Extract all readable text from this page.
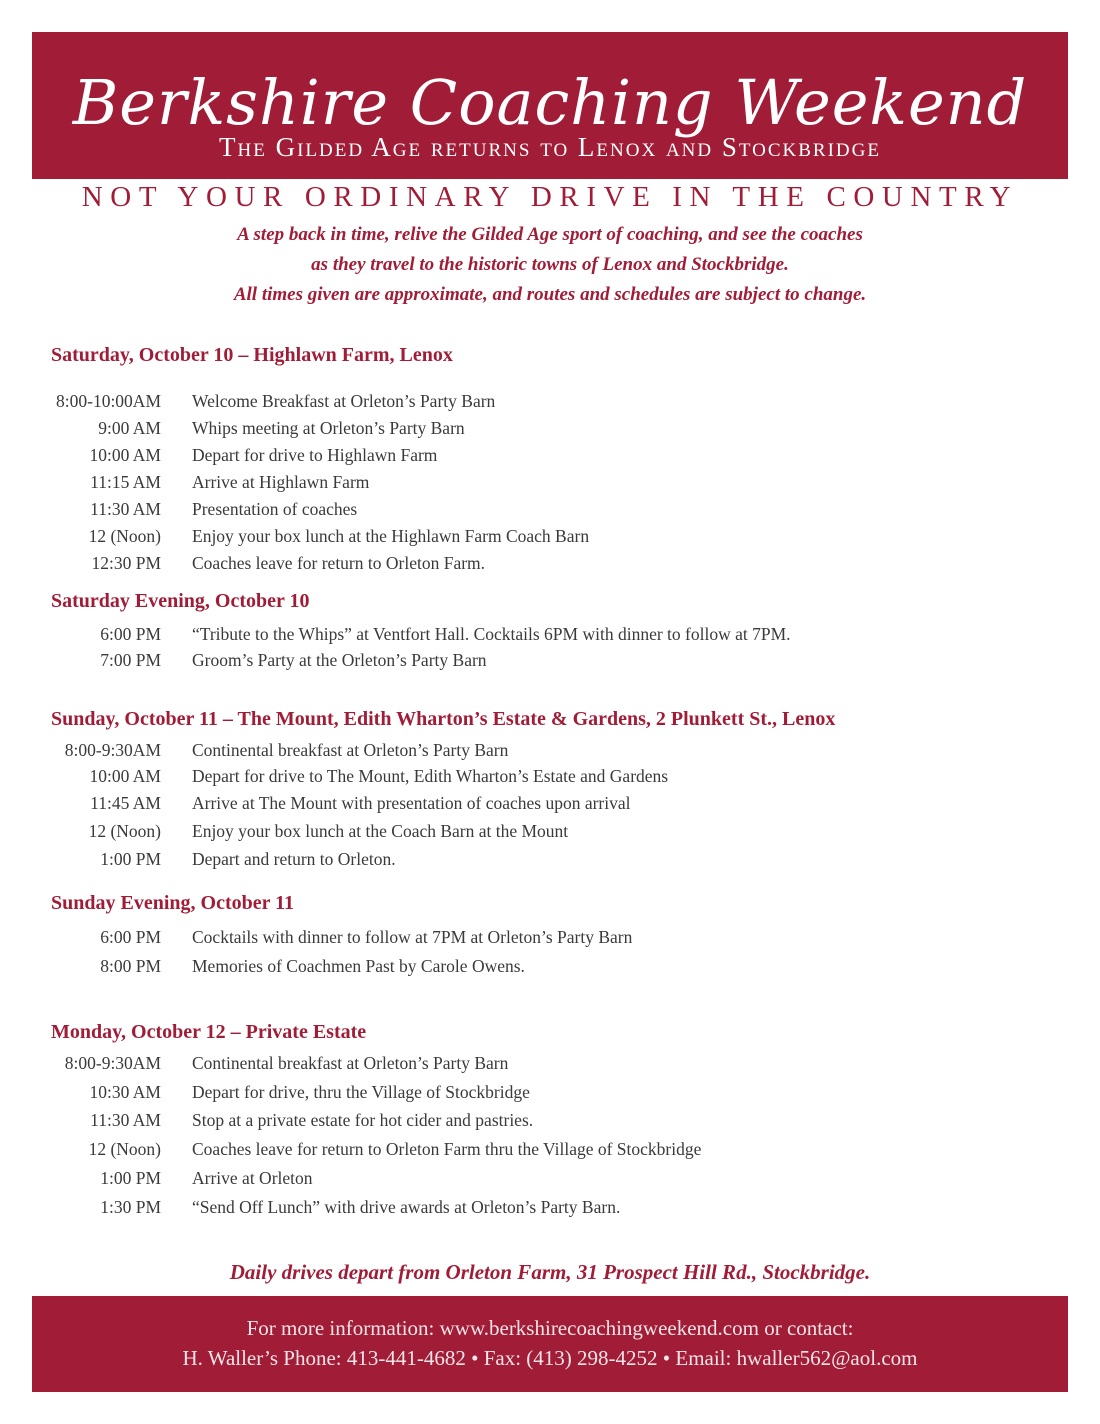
Berkshire Coaching Weekend
The Gilded Age returns to Lenox and Stockbridge
NOT YOUR ORDINARY DRIVE IN THE COUNTRY
A step back in time, relive the Gilded Age sport of coaching, and see the coaches
as they travel to the historic towns of Lenox and Stockbridge.
All times given are approximate, and routes and schedules are subject to change.
Saturday, October 10 – Highlawn Farm, Lenox
8:00-10:00AM Welcome Breakfast at Orleton’s Party Barn
9:00 AM Whips meeting at Orleton’s Party Barn
10:00 AM Depart for drive to Highlawn Farm
11:15 AM Arrive at Highlawn Farm
11:30 AM Presentation of coaches
12 (Noon) Enjoy your box lunch at the Highlawn Farm Coach Barn
12:30 PM Coaches leave for return to Orleton Farm.
Saturday Evening, October 10
6:00 PM “Tribute to the Whips” at Ventfort Hall. Cocktails 6PM with dinner to follow at 7PM.
7:00 PM Groom’s Party at the Orleton’s Party Barn
Sunday, October 11 – The Mount, Edith Wharton’s Estate & Gardens, 2 Plunkett St., Lenox
8:00-9:30AM Continental breakfast at Orleton’s Party Barn
10:00 AM Depart for drive to The Mount, Edith Wharton’s Estate and Gardens
11:45 AM Arrive at The Mount with presentation of coaches upon arrival
12 (Noon) Enjoy your box lunch at the Coach Barn at the Mount
1:00 PM Depart and return to Orleton.
Sunday Evening, October 11
6:00 PM Cocktails with dinner to follow at 7PM at Orleton’s Party Barn
8:00 PM Memories of Coachmen Past by Carole Owens.
Monday, October 12 – Private Estate
8:00-9:30AM Continental breakfast at Orleton’s Party Barn
10:30 AM Depart for drive, thru the Village of Stockbridge
11:30 AM Stop at a private estate for hot cider and pastries.
12 (Noon) Coaches leave for return to Orleton Farm thru the Village of Stockbridge
1:00 PM Arrive at Orleton
1:30 PM “Send Off Lunch” with drive awards at Orleton’s Party Barn.
Daily drives depart from Orleton Farm, 31 Prospect Hill Rd., Stockbridge.
For more information: www.berkshirecoachingweekend.com or contact:
H. Waller’s Phone: 413-441-4682 • Fax: (413) 298-4252 • Email: hwaller562@aol.com
